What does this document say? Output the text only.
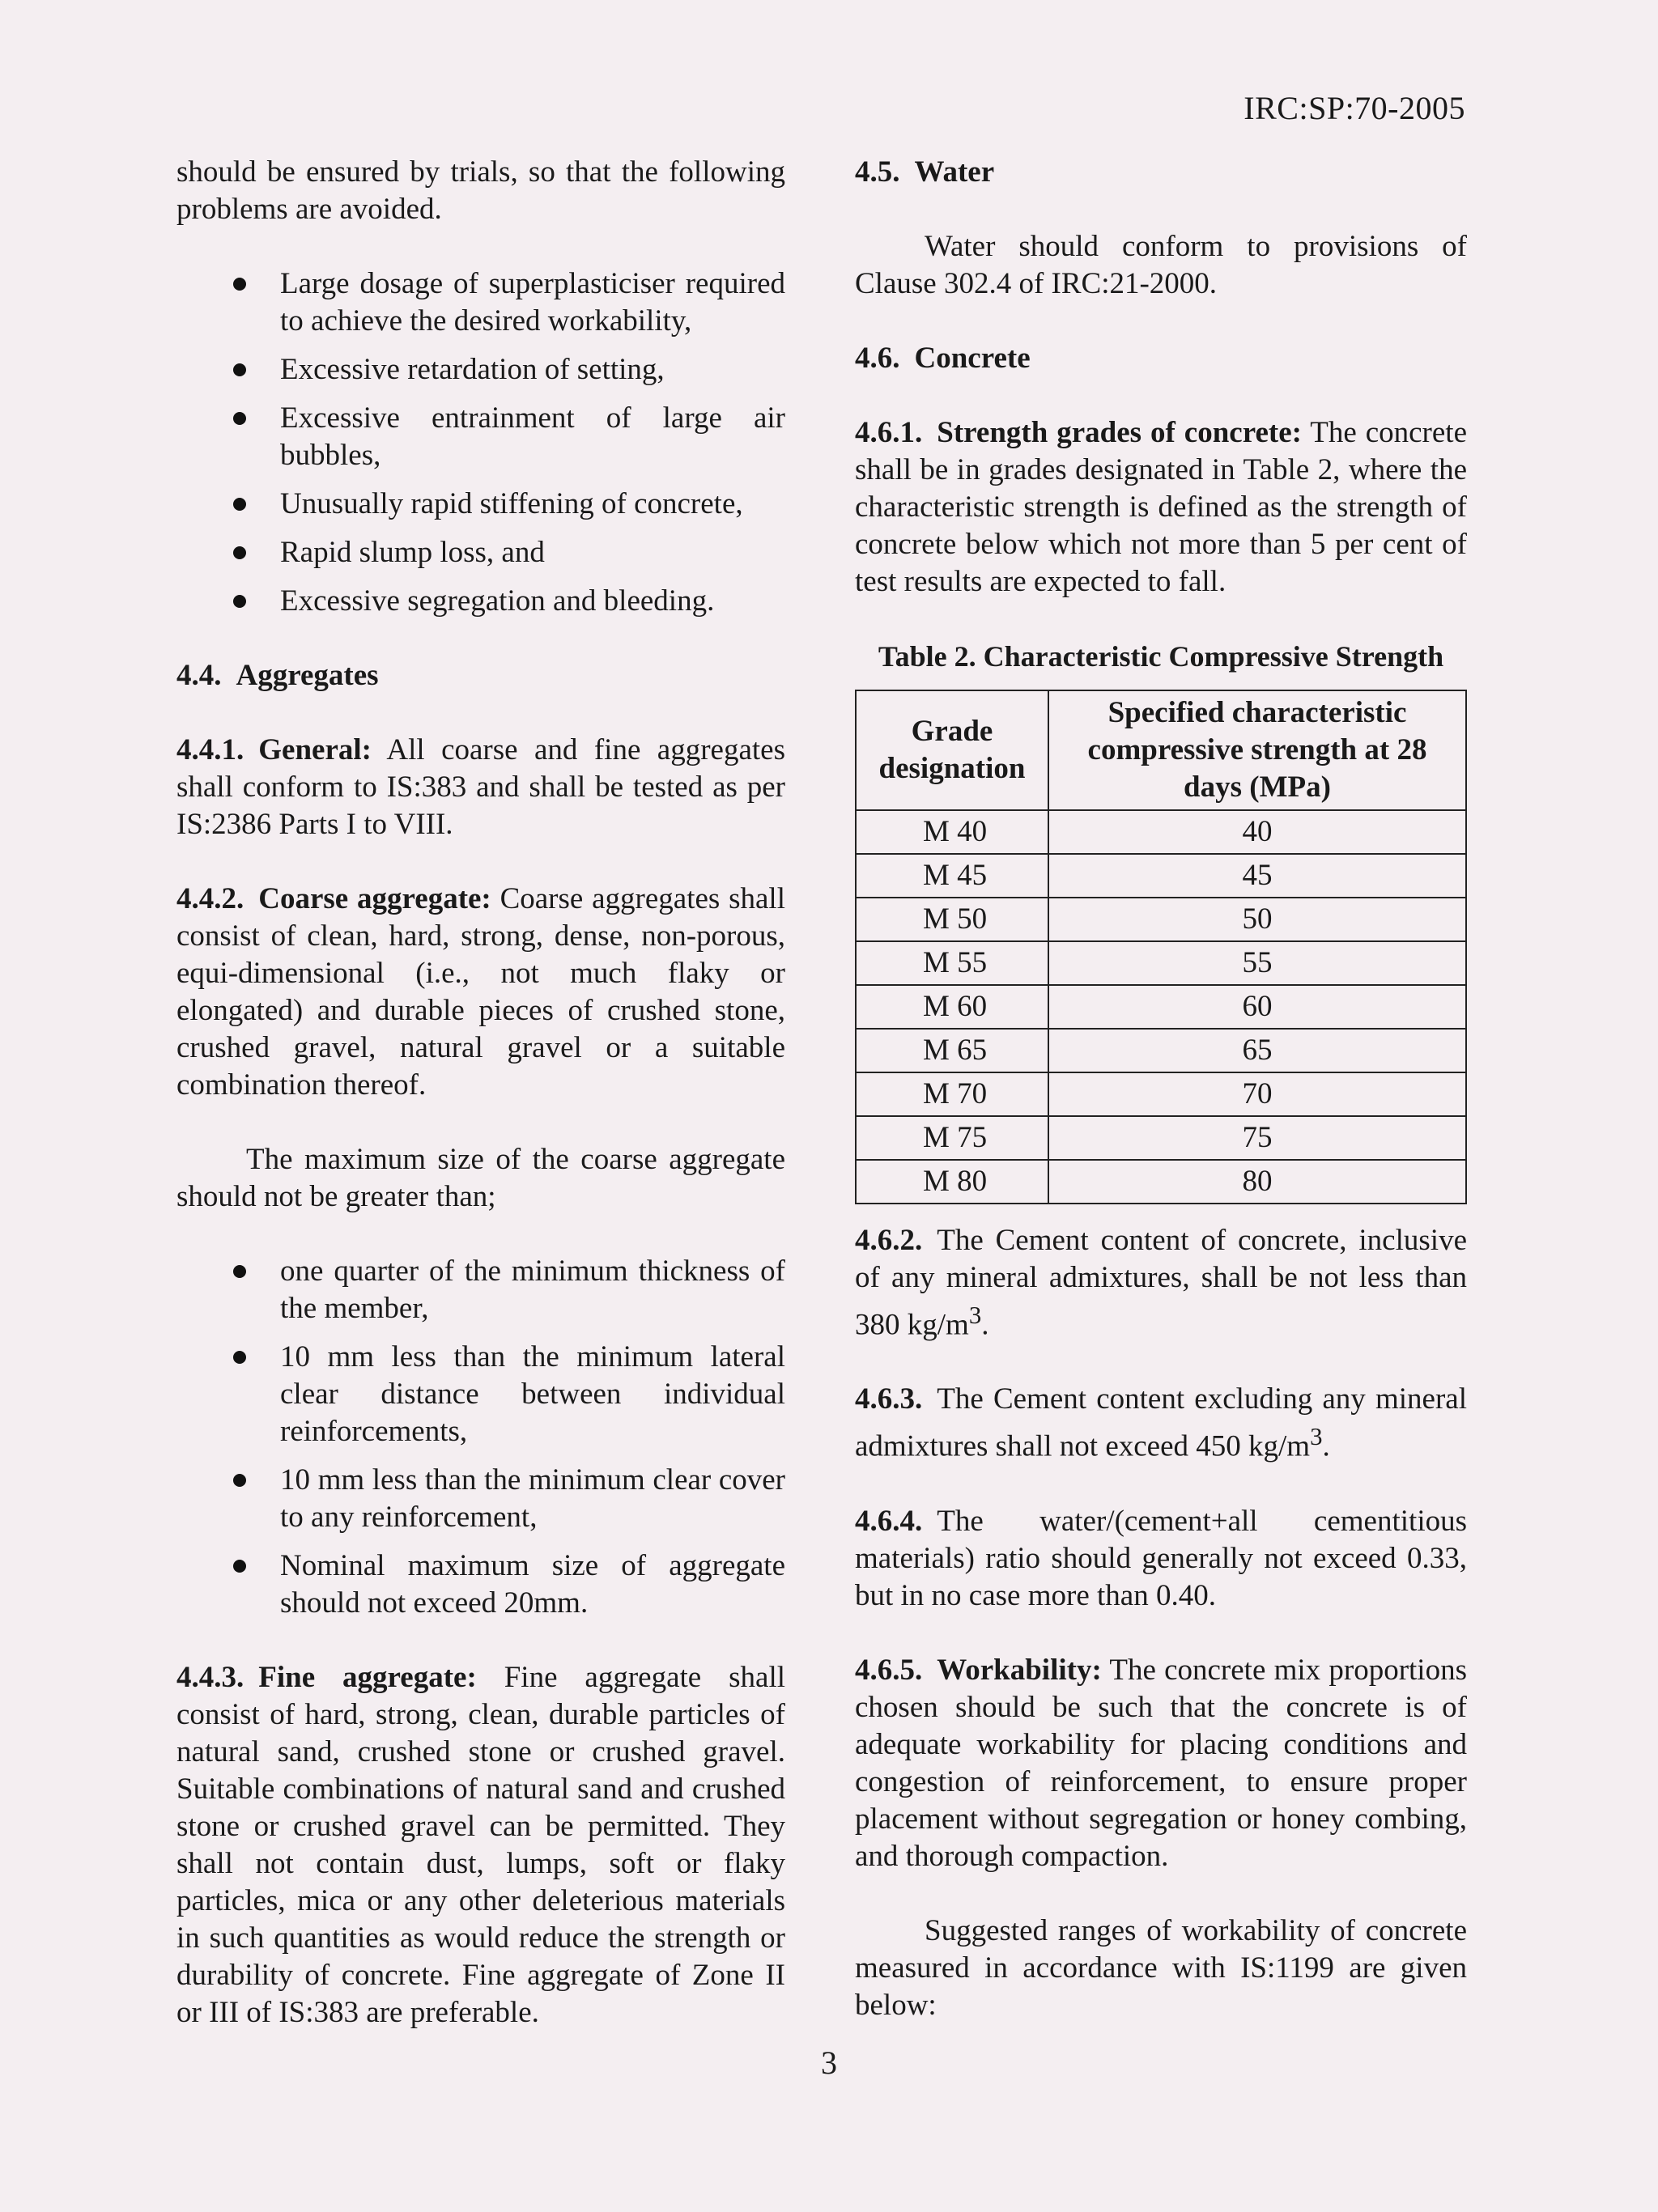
IRC:SP:70-2005

should be ensured by trials, so that the following problems are avoided.

Large dosage of superplasticiser required to achieve the desired workability,
Excessive retardation of setting,
Excessive entrainment of large air bubbles,
Unusually rapid stiffening of concrete,
Rapid slump loss, and
Excessive segregation and bleeding.
4.4. Aggregates

4.4.1. General: All coarse and fine aggregates shall conform to IS:383 and shall be tested as per IS:2386 Parts I to VIII.

4.4.2. Coarse aggregate: Coarse aggregates shall consist of clean, hard, strong, dense, non-porous, equi-dimensional (i.e., not much flaky or elongated) and durable pieces of crushed stone, crushed gravel, natural gravel or a suitable combination thereof.

The maximum size of the coarse aggregate should not be greater than;

one quarter of the minimum thickness of the member,
10 mm less than the minimum lateral clear distance between individual reinforcements,
10 mm less than the minimum clear cover to any reinforcement,
Nominal maximum size of aggregate should not exceed 20mm.

4.4.3. Fine aggregate: Fine aggregate shall consist of hard, strong, clean, durable particles of natural sand, crushed stone or crushed gravel. Suitable combinations of natural sand and crushed stone or crushed gravel can be permitted. They shall not contain dust, lumps, soft or flaky particles, mica or any other deleterious materials in such quantities as would reduce the strength or durability of concrete. Fine aggregate of Zone II or III of IS:383 are preferable.

4.5. Water

Water should conform to provisions of Clause 302.4 of IRC:21-2000.

4.6. Concrete

4.6.1. Strength grades of concrete: The concrete shall be in grades designated in Table 2, where the characteristic strength is defined as the strength of concrete below which not more than 5 per cent of test results are expected to fall.

Table 2. Characteristic Compressive Strength
Grade designation	Specified characteristic compressive strength at 28 days (MPa)
M 40	40
M 45	45
M 50	50
M 55	55
M 60	60
M 65	65
M 70	70
M 75	75
M 80	80

4.6.2. The Cement content of concrete, inclusive of any mineral admixtures, shall be not less than 380 $kg/m^3$.

4.6.3. The Cement content excluding any mineral admixtures shall not exceed 450 $kg/m^3$.

4.6.4. The water/(cement+all cementitious materials) ratio should generally not exceed 0.33, but in no case more than 0.40.

4.6.5. Workability: The concrete mix proportions chosen should be such that the concrete is of adequate workability for placing conditions and congestion of reinforcement, to ensure proper placement without segregation or honey combing, and thorough compaction.

Suggested ranges of workability of concrete measured in accordance with IS:1199 are given below:

3
